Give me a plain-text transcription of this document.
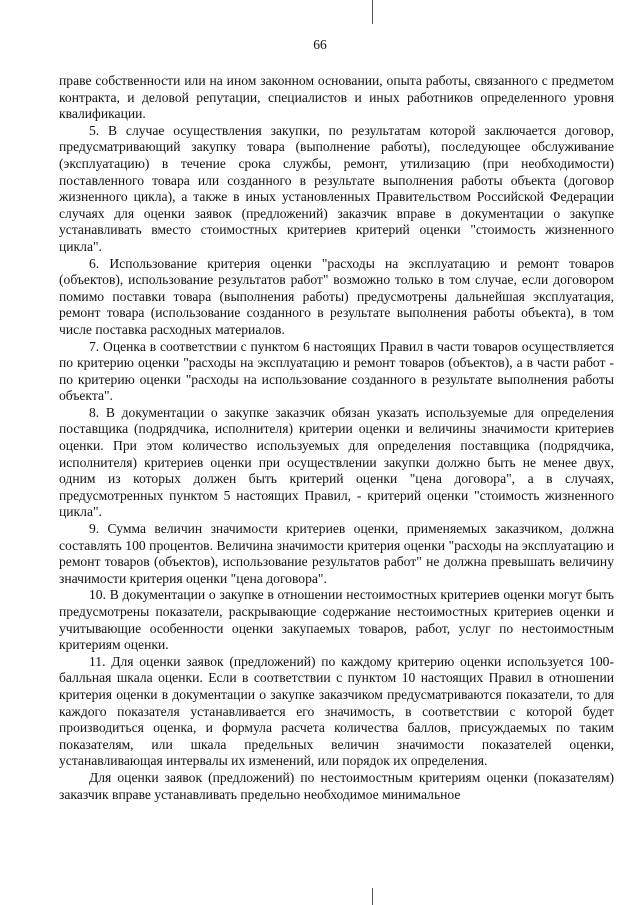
66

праве собственности или на ином законном основании, опыта работы, связанного с предметом контракта, и деловой репутации, специалистов и иных работников определенного уровня квалификации.

5. В случае осуществления закупки, по результатам которой заключается договор, предусматривающий закупку товара (выполнение работы), последующее обслуживание (эксплуатацию) в течение срока службы, ремонт, утилизацию (при необходимости) поставленного товара или созданного в результате выполнения работы объекта (договор жизненного цикла), а также в иных установленных Правительством Российской Федерации случаях для оценки заявок (предложений) заказчик вправе в документации о закупке устанавливать вместо стоимостных критериев критерий оценки "стоимость жизненного цикла".

6. Использование критерия оценки "расходы на эксплуатацию и ремонт товаров (объектов), использование результатов работ" возможно только в том случае, если договором помимо поставки товара (выполнения работы) предусмотрены дальнейшая эксплуатация, ремонт товара (использование созданного в результате выполнения работы объекта), в том числе поставка расходных материалов.

7. Оценка в соответствии с пунктом 6 настоящих Правил в части товаров осуществляется по критерию оценки "расходы на эксплуатацию и ремонт товаров (объектов), а в части работ - по критерию оценки "расходы на использование созданного в результате выполнения работы объекта".

8. В документации о закупке заказчик обязан указать используемые для определения поставщика (подрядчика, исполнителя) критерии оценки и величины значимости критериев оценки. При этом количество используемых для определения поставщика (подрядчика, исполнителя) критериев оценки при осуществлении закупки должно быть не менее двух, одним из которых должен быть критерий оценки "цена договора", а в случаях, предусмотренных пунктом 5 настоящих Правил, - критерий оценки "стоимость жизненного цикла".

9. Сумма величин значимости критериев оценки, применяемых заказчиком, должна составлять 100 процентов. Величина значимости критерия оценки "расходы на эксплуатацию и ремонт товаров (объектов), использование результатов работ" не должна превышать величину значимости критерия оценки "цена договора".

10. В документации о закупке в отношении нестоимостных критериев оценки могут быть предусмотрены показатели, раскрывающие содержание нестоимостных критериев оценки и учитывающие особенности оценки закупаемых товаров, работ, услуг по нестоимостным критериям оценки.

11. Для оценки заявок (предложений) по каждому критерию оценки используется 100-балльная шкала оценки. Если в соответствии с пунктом 10 настоящих Правил в отношении критерия оценки в документации о закупке заказчиком предусматриваются показатели, то для каждого показателя устанавливается его значимость, в соответствии с которой будет производиться оценка, и формула расчета количества баллов, присуждаемых по таким показателям, или шкала предельных величин значимости показателей оценки, устанавливающая интервалы их изменений, или порядок их определения.

Для оценки заявок (предложений) по нестоимостным критериям оценки (показателям) заказчик вправе устанавливать предельно необходимое минимальное
